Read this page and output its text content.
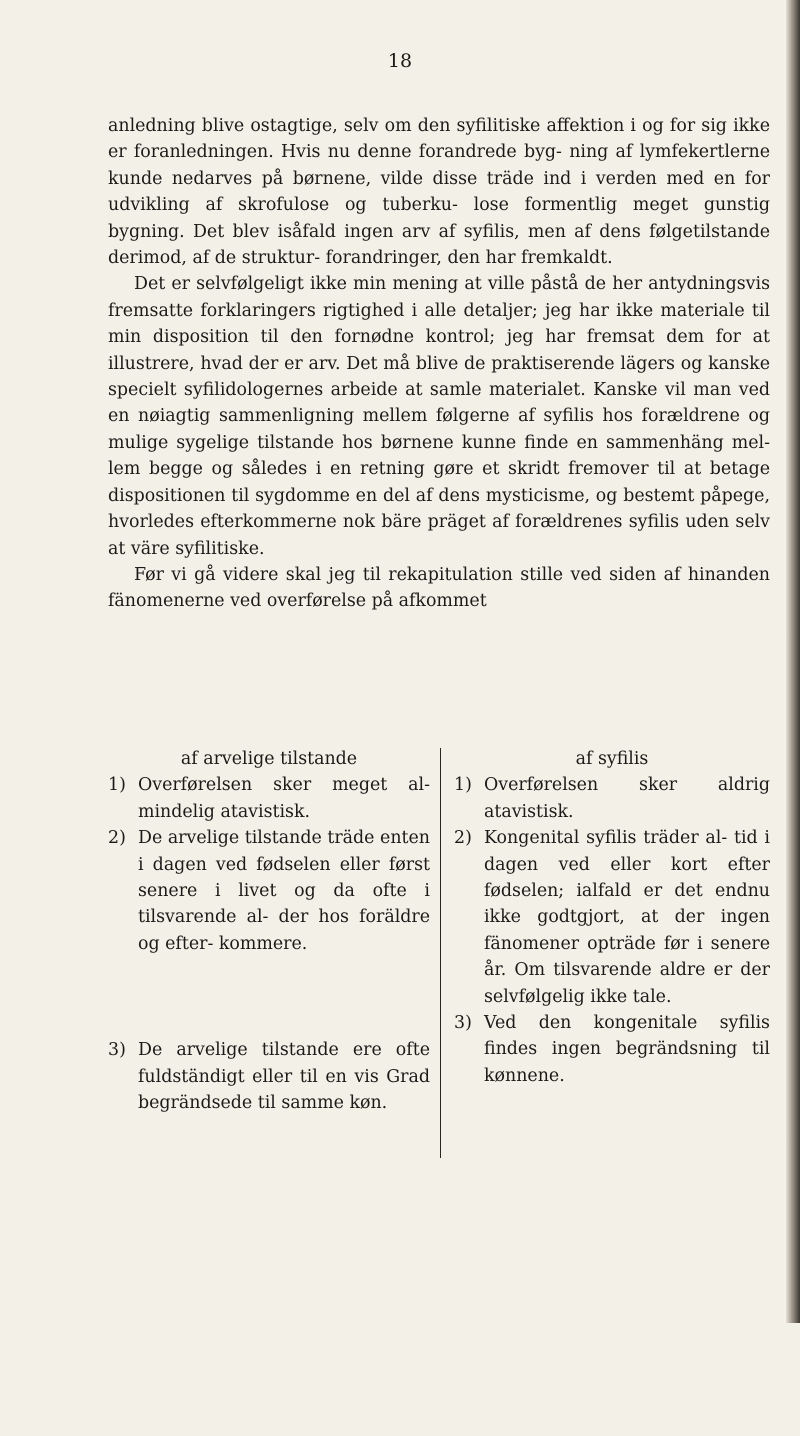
18

anledning blive ostagtige, selv om den syfilitiske affektion i og for sig ikke er foranledningen. Hvis nu denne forandrede byg- ning af lymfekertlerne kunde nedarves på børnene, vilde disse träde ind i verden med en for udvikling af skrofulose og tuberku- lose formentlig meget gunstig bygning. Det blev isåfald ingen arv af syfilis, men af dens følgetilstande derimod, af de struktur- forandringer, den har fremkaldt.

Det er selvfølgeligt ikke min mening at ville påstå de her antydningsvis fremsatte forklaringers rigtighed i alle detaljer; jeg har ikke materiale til min disposition til den fornødne kontrol; jeg har fremsat dem for at illustrere, hvad der er arv. Det må blive de praktiserende lägers og kanske specielt syfilidologernes arbeide at samle materialet. Kanske vil man ved en nøiagtig sammenligning mellem følgerne af syfilis hos forældrene og mulige sygelige tilstande hos børnene kunne finde en sammenhäng mel- lem begge og således i en retning gøre et skridt fremover til at betage dispositionen til sygdomme en del af dens mysticisme, og bestemt påpege, hvorledes efterkommerne nok bäre präget af forældrenes syfilis uden selv at väre syfilitiske.

Før vi gå videre skal jeg til rekapitulation stille ved siden af hinanden fänomenerne ved overførelse på afkommet

af arvelige tilstande

1) Overførelsen sker meget al- mindelig atavistisk.
2) De arvelige tilstande träde enten i dagen ved fødselen eller først senere i livet og da ofte i tilsvarende al- der hos foräldre og efter- kommere.
3) De arvelige tilstande ere ofte fuldständigt eller til en vis Grad begrändsede til samme køn.

af syfilis

1) Overførelsen sker aldrig atavistisk.
2) Kongenital syfilis träder al- tid i dagen ved eller kort efter fødselen; ialfald er det endnu ikke godtgjort, at der ingen fänomener opträde før i senere år. Om tilsvarende aldre er der selvfølgelig ikke tale.
3) Ved den kongenitale syfilis findes ingen begrändsning til kønnene.
